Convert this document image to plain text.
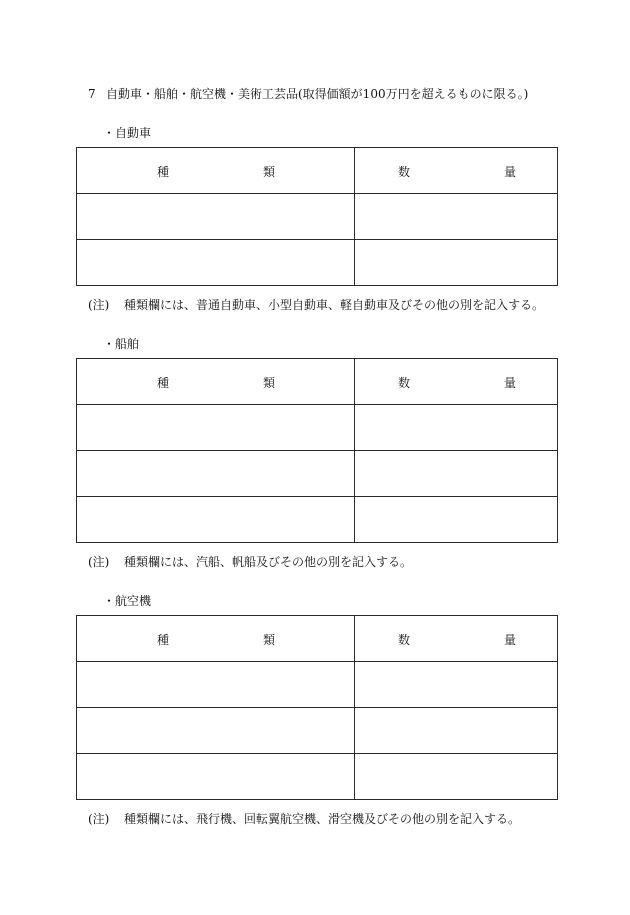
7 自動車・船舶・航空機・美術工芸品(取得価額が100万円を超えるものに限る。)
・自動車
種 類	数 量

(注) 種類欄には、普通自動車、小型自動車、軽自動車及びその他の別を記入する。
・船舶
種 類	数 量

(注) 種類欄には、汽船、帆船及びその他の別を記入する。
・航空機
種 類	数 量

(注) 種類欄には、飛行機、回転翼航空機、滑空機及びその他の別を記入する。
